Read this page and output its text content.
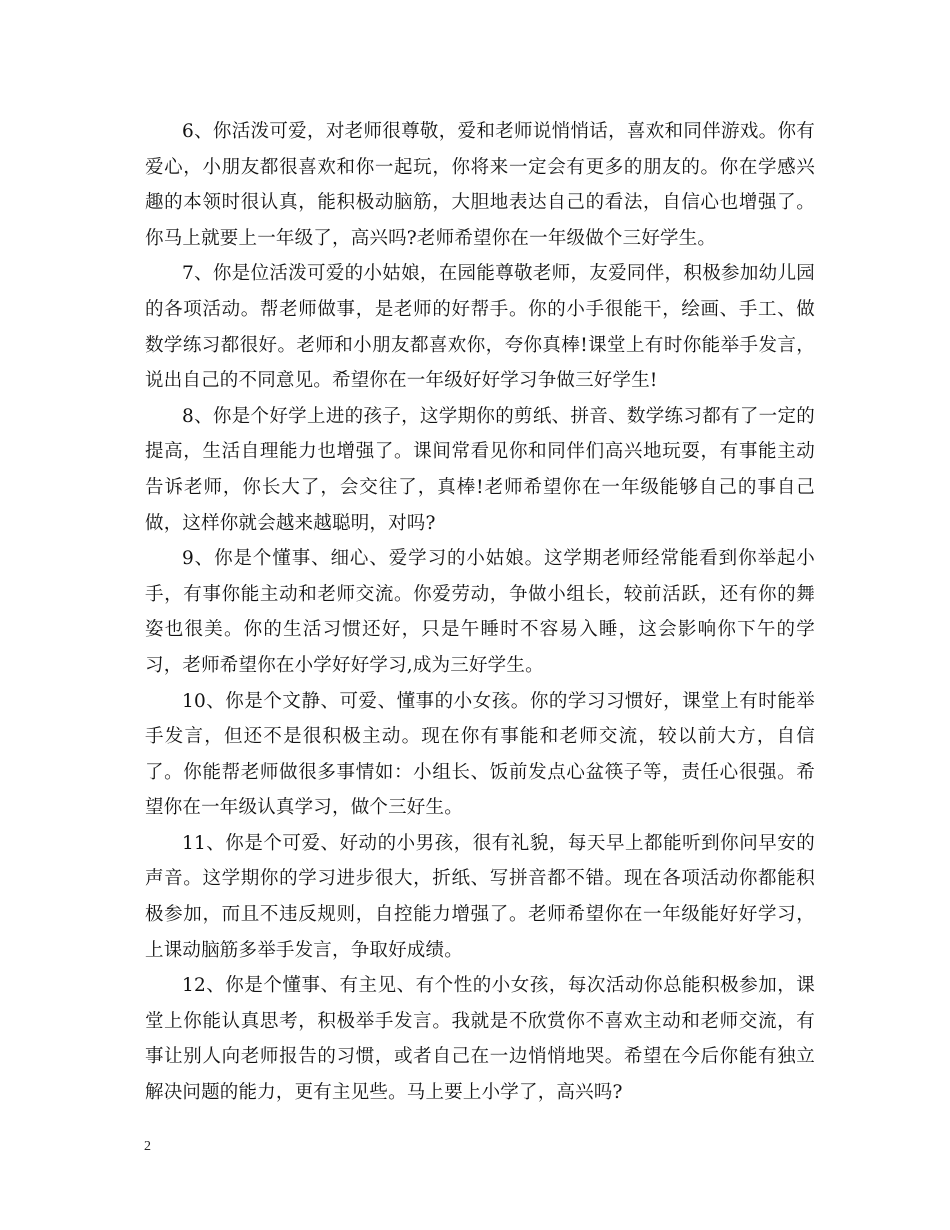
6、你活泼可爱，对老师很尊敬，爱和老师说悄悄话，喜欢和同伴游戏。你有爱心，小朋友都很喜欢和你一起玩，你将来一定会有更多的朋友的。你在学感兴趣的本领时很认真，能积极动脑筋，大胆地表达自己的看法，自信心也增强了。你马上就要上一年级了，高兴吗?老师希望你在一年级做个三好学生。

7、你是位活泼可爱的小姑娘，在园能尊敬老师，友爱同伴，积极参加幼儿园的各项活动。帮老师做事，是老师的好帮手。你的小手很能干，绘画、手工、做数学练习都很好。老师和小朋友都喜欢你，夸你真棒!课堂上有时你能举手发言，说出自己的不同意见。希望你在一年级好好学习争做三好学生!

8、你是个好学上进的孩子，这学期你的剪纸、拼音、数学练习都有了一定的提高，生活自理能力也增强了。课间常看见你和同伴们高兴地玩耍，有事能主动告诉老师，你长大了，会交往了，真棒!老师希望你在一年级能够自己的事自己做，这样你就会越来越聪明，对吗?

9、你是个懂事、细心、爱学习的小姑娘。这学期老师经常能看到你举起小手，有事你能主动和老师交流。你爱劳动，争做小组长，较前活跃，还有你的舞姿也很美。你的生活习惯还好，只是午睡时不容易入睡，这会影响你下午的学习，老师希望你在小学好好学习,成为三好学生。

10、你是个文静、可爱、懂事的小女孩。你的学习习惯好，课堂上有时能举手发言，但还不是很积极主动。现在你有事能和老师交流，较以前大方，自信了。你能帮老师做很多事情如：小组长、饭前发点心盆筷子等，责任心很强。希望你在一年级认真学习，做个三好生。

11、你是个可爱、好动的小男孩，很有礼貌，每天早上都能听到你问早安的声音。这学期你的学习进步很大，折纸、写拼音都不错。现在各项活动你都能积极参加，而且不违反规则，自控能力增强了。老师希望你在一年级能好好学习，上课动脑筋多举手发言，争取好成绩。

12、你是个懂事、有主见、有个性的小女孩，每次活动你总能积极参加，课堂上你能认真思考，积极举手发言。我就是不欣赏你不喜欢主动和老师交流，有事让别人向老师报告的习惯，或者自己在一边悄悄地哭。希望在今后你能有独立解决问题的能力，更有主见些。马上要上小学了，高兴吗?

2
